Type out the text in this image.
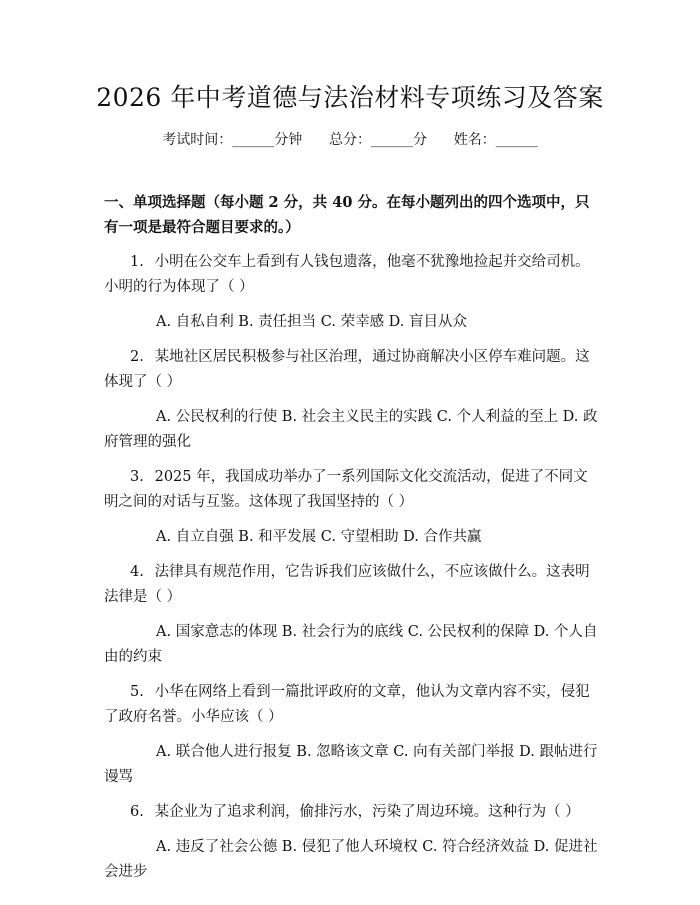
2026 年中考道德与法治材料专项练习及答案
考试时间：______分钟 总分：______分 姓名：______

一、单项选择题（每小题 2 分，共 40 分。在每小题列出的四个选项中，只有一项是最符合题目要求的。）

1. 小明在公交车上看到有人钱包遗落，他毫不犹豫地捡起并交给司机。小明的行为体现了（ ）

A. 自私自利 B. 责任担当 C. 荣幸感 D. 盲目从众

2. 某地社区居民积极参与社区治理，通过协商解决小区停车难问题。这体现了（ ）

A. 公民权利的行使 B. 社会主义民主的实践 C. 个人利益的至上 D. 政府管理的强化

3. 2025 年，我国成功举办了一系列国际文化交流活动，促进了不同文明之间的对话与互鉴。这体现了我国坚持的（ ）

A. 自立自强 B. 和平发展 C. 守望相助 D. 合作共赢

4. 法律具有规范作用，它告诉我们应该做什么，不应该做什么。这表明法律是（ ）

A. 国家意志的体现 B. 社会行为的底线 C. 公民权利的保障 D. 个人自由的约束

5. 小华在网络上看到一篇批评政府的文章，他认为文章内容不实，侵犯了政府名誉。小华应该（ ）

A. 联合他人进行报复 B. 忽略该文章 C. 向有关部门举报 D. 跟帖进行谩骂

6. 某企业为了追求利润，偷排污水，污染了周边环境。这种行为（ ）

A. 违反了社会公德 B. 侵犯了他人环境权 C. 符合经济效益 D. 促进社会进步
